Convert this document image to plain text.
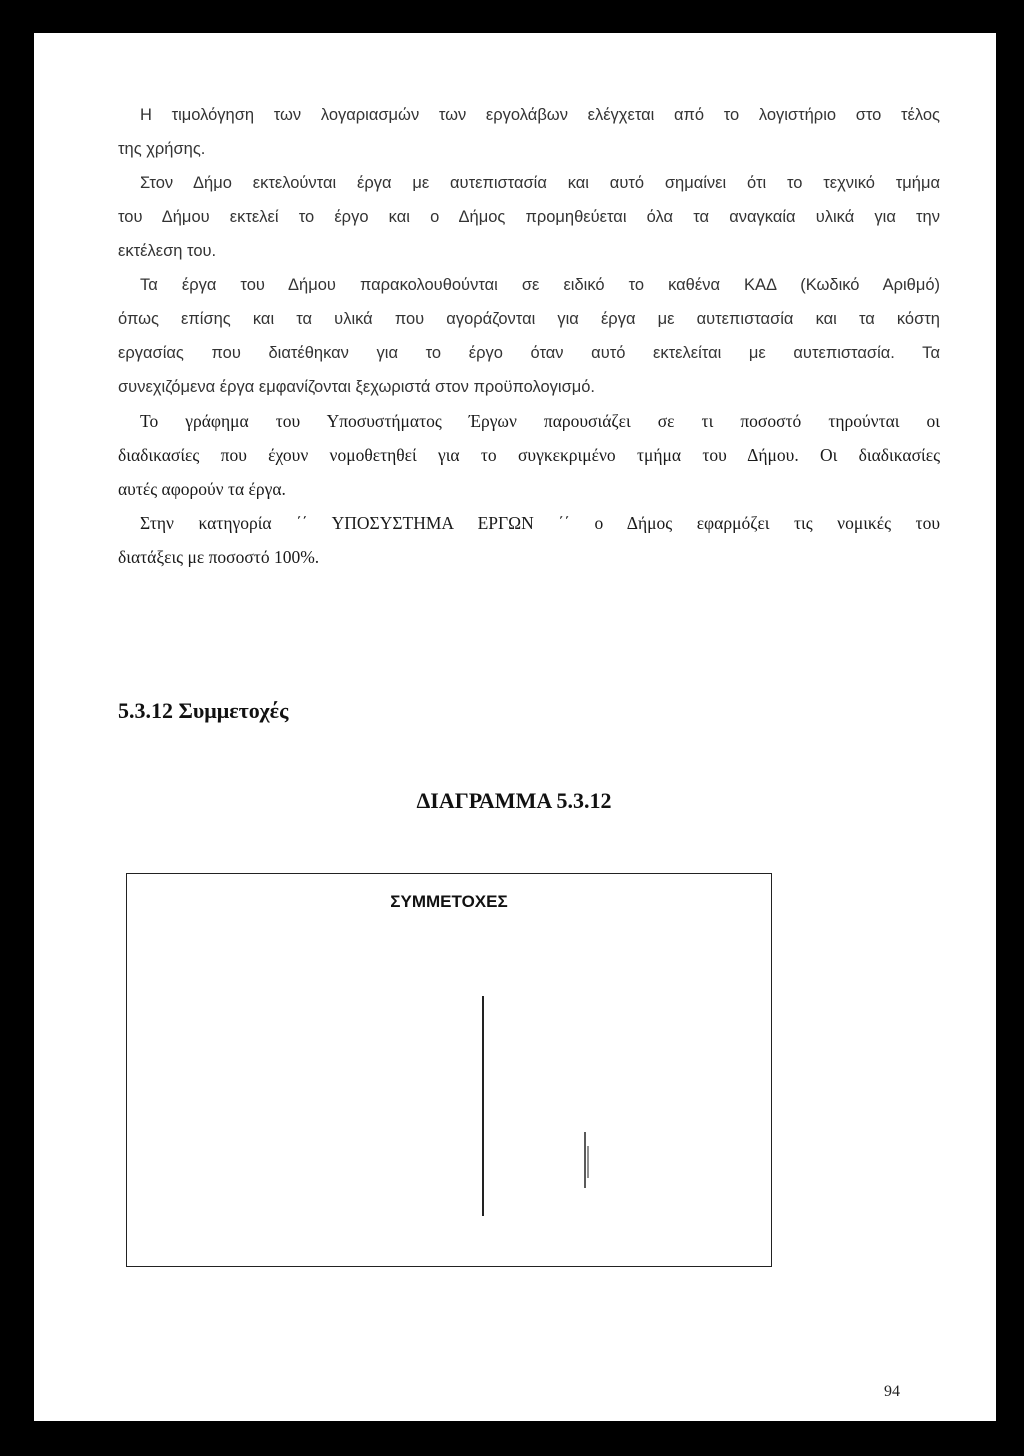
Η τιμολόγηση των λογαριασμών των εργολάβων ελέγχεται από το λογιστήριο στο τέλος
της χρήσης.
Στον Δήμο εκτελούνται έργα με αυτεπιστασία και αυτό σημαίνει ότι το τεχνικό τμήμα
του Δήμου εκτελεί το έργο και ο Δήμος προμηθεύεται όλα τα αναγκαία υλικά για την
εκτέλεση του.
Τα έργα του Δήμου παρακολουθούνται σε ειδικό το καθένα ΚΑΔ (Κωδικό Αριθμό)
όπως επίσης και τα υλικά που αγοράζονται για έργα με αυτεπιστασία και τα κόστη
εργασίας που διατέθηκαν για το έργο όταν αυτό εκτελείται με αυτεπιστασία. Τα
συνεχιζόμενα έργα εμφανίζονται ξεχωριστά στον προϋπολογισμό.
Το γράφημα του Υποσυστήματος Έργων παρουσιάζει σε τι ποσοστό τηρούνται οι
διαδικασίες που έχουν νομοθετηθεί για το συγκεκριμένο τμήμα του Δήμου. Οι διαδικασίες
αυτές αφορούν τα έργα.
Στην κατηγορία ΄΄ ΥΠΟΣΥΣΤΗΜΑ ΕΡΓΩΝ ΄΄ ο Δήμος εφαρμόζει τις νομικές του
διατάξεις με ποσοστό 100%.
5.3.12 Συμμετοχές
ΔΙΑΓΡΑΜΜΑ 5.3.12
ΣΥΜΜΕΤΟΧΕΣ
94
